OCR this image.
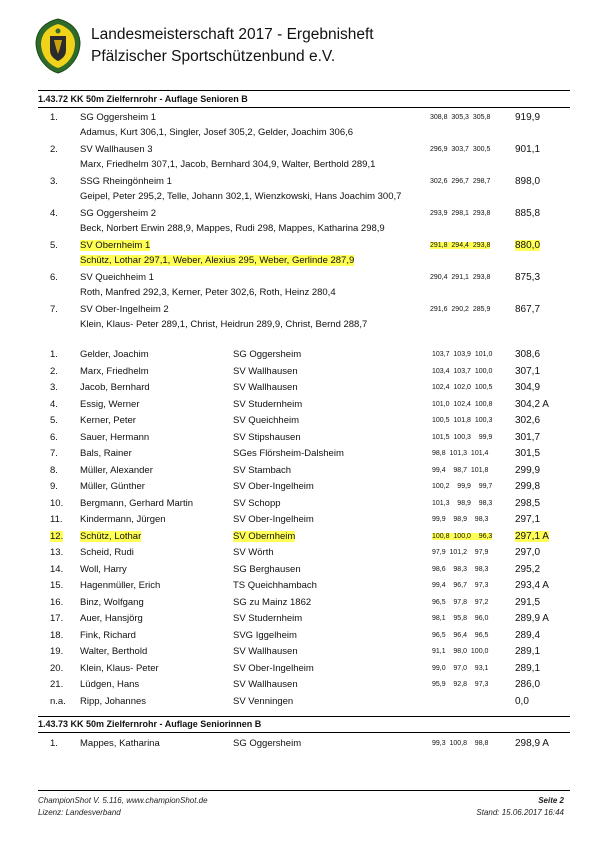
Landesmeisterschaft 2017 - Ergebnisheft
Pfälzischer Sportschützenbund e.V.
1.43.72 KK 50m Zielfernrohr - Auflage Senioren B
1. SG Oggersheim 1	308,8  305,3  305,8 919,9
Adamus, Kurt 306,1, Singler, Josef 305,2, Gelder, Joachim 306,6
2. SV Wallhausen 3	296,9  303,7  300,5 901,1
Marx, Friedhelm 307,1, Jacob, Bernhard 304,9, Walter, Berthold 289,1
3. SSG Rheingönheim 1	302,6  296,7  298,7 898,0
Geipel, Peter 295,2, Telle, Johann 302,1, Wienzkowski, Hans Joachim 300,7
4. SG Oggersheim 2	293,9  298,1  293,8 885,8
Beck, Norbert Erwin 288,9, Mappes, Rudi 298, Mappes, Katharina 298,9
5. SV Obernheim 1	291,8  294,4  293,8 880,0
Schütz, Lothar 297,1, Weber, Alexius 295, Weber, Gerlinde 287,9
6. SV Queichheim 1	290,4  291,1  293,8 875,3
Roth, Manfred 292,3, Kerner, Peter 302,6, Roth, Heinz 280,4
7. SV Ober-Ingelheim 2	291,6  290,2  285,9 867,7
Klein, Klaus- Peter 289,1, Christ, Heidrun 289,9, Christ, Bernd 288,7
1. Gelder, Joachim	SG Oggersheim	103,7  103,9  101,0 308,6
2. Marx, Friedhelm	SV Wallhausen	103,4  103,7  100,0 307,1
3. Jacob, Bernhard	SV Wallhausen	102,4  102,0  100,5 304,9
4. Essig, Werner	SV Studernheim	101,0  102,4  100,8 304,2 A
5. Kerner, Peter	SV Queichheim	100,5  101,8  100,3 302,6
6. Sauer, Hermann	SV Stipshausen	101,5  100,3    99,9 301,7
7. Bals, Rainer	SGes Flörsheim-Dalsheim	98,8  101,3  101,4	301,5
8. Müller, Alexander	SV Stambach	99,4    98,7  101,8	299,9
9. Müller, Günther	SV Ober-Ingelheim	100,2    99,9    99,7 299,8
10. Bergmann, Gerhard Martin	SV Schopp	101,3    98,9    98,3 298,5
11. Kindermann, Jürgen	SV Ober-Ingelheim	99,9    98,9    98,3	297,1
12. Schütz, Lothar	SV Obernheim	100,8  100,0    96,3 297,1 A
13. Scheid, Rudi	SV Wörth	97,9  101,2    97,9	297,0
14. Woll, Harry	SG Berghausen	98,6    98,3    98,3	295,2
15. Hagenmüller, Erich	TS Queichhambach	99,4    96,7    97,3	293,4 A
16. Binz, Wolfgang	SG zu Mainz 1862	96,5    97,8    97,2	291,5
17. Auer, Hansjörg	SV Studernheim	98,1    95,8    96,0	289,9 A
18. Fink, Richard	SVG Iggelheim	96,5    96,4    96,5	289,4
19. Walter, Berthold	SV Wallhausen	91,1    98,0  100,0	289,1
20. Klein, Klaus- Peter	SV Ober-Ingelheim	99,0    97,0    93,1	289,1
21. Lüdgen, Hans	SV Wallhausen	95,9    92,8    97,3	286,0
n.a. Ripp, Johannes	SV Venningen	0,0
1.43.73 KK 50m Zielfernrohr - Auflage Seniorinnen B
1. Mappes, Katharina	SG Oggersheim	99,3  100,8    98,8	298,9 A
ChampionShot V. 5.116, www.championShot.de
Lizenz: Landesverband
Seite 2
Stand: 15.06.2017 16:44
